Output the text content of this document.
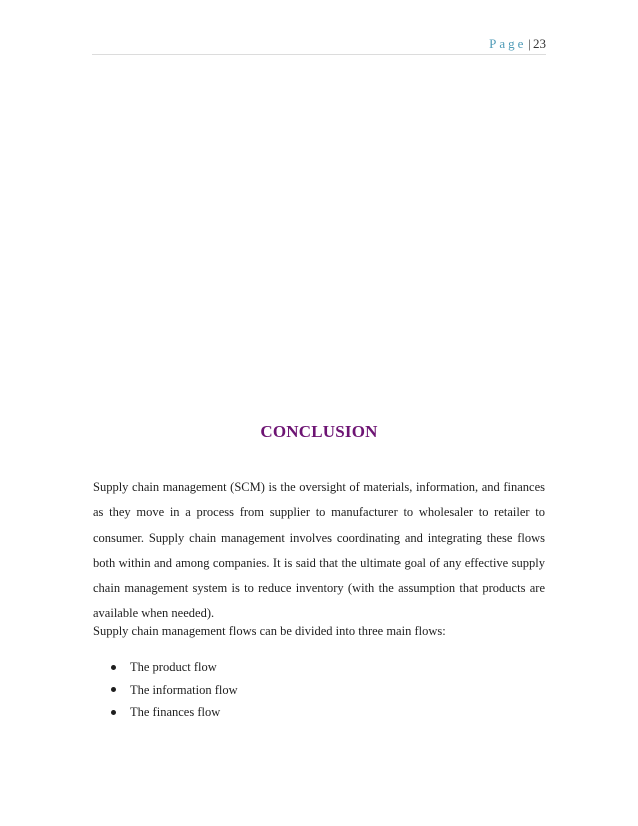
Page | 23
CONCLUSION

Supply chain management (SCM) is the oversight of materials, information, and finances as they move in a process from supplier to manufacturer to wholesaler to retailer to consumer. Supply chain management involves coordinating and integrating these flows both within and among companies. It is said that the ultimate goal of any effective supply chain management system is to reduce inventory (with the assumption that products are available when needed).

Supply chain management flows can be divided into three main flows:

The product flow
The information flow
The finances flow
